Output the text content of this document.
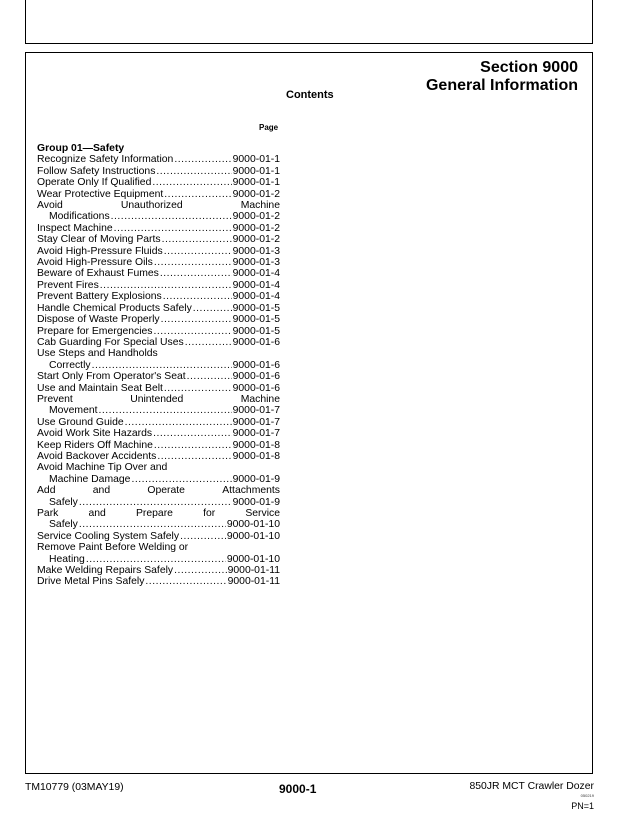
Section 9000
General Information
Contents
Page
Group 01—Safety
Recognize Safety Information .....	9000-01-1
Follow Safety Instructions .....	9000-01-1
Operate Only If Qualified .....	9000-01-1
Wear Protective Equipment .....	9000-01-2
Avoid	Unauthorized	Machine
Modifications .....	9000-01-2
Inspect Machine .....	9000-01-2
Stay Clear of Moving Parts .....	9000-01-2
Avoid High-Pressure Fluids .....	9000-01-3
Avoid High-Pressure Oils .....	9000-01-3
Beware of Exhaust Fumes .....	9000-01-4
Prevent Fires .....	9000-01-4
Prevent Battery Explosions .....	9000-01-4
Handle Chemical Products Safely .....	9000-01-5
Dispose of Waste Properly .....	9000-01-5
Prepare for Emergencies .....	9000-01-5
Cab Guarding For Special Uses .....	9000-01-6
Use Steps and Handholds
Correctly .....	9000-01-6
Start Only From Operator's Seat .....	9000-01-6
Use and Maintain Seat Belt .....	9000-01-6
Prevent	Unintended	Machine
Movement .....	9000-01-7
Use Ground Guide .....	9000-01-7
Avoid Work Site Hazards .....	9000-01-7
Keep Riders Off Machine .....	9000-01-8
Avoid Backover Accidents .....	9000-01-8
Avoid Machine Tip Over and
Machine Damage .....	9000-01-9
Add	and	Operate	Attachments
Safely .....	9000-01-9
Park	and	Prepare	for	Service
Safely .....	9000-01-10
Service Cooling System Safely .....	9000-01-10
Remove Paint Before Welding or
Heating .....	9000-01-10
Make Welding Repairs Safely .....	9000-01-11
Drive Metal Pins Safely .....	9000-01-11
TM10779 (03MAY19)	9000-1	850JR MCT Crawler Dozer
050219
PN=1
